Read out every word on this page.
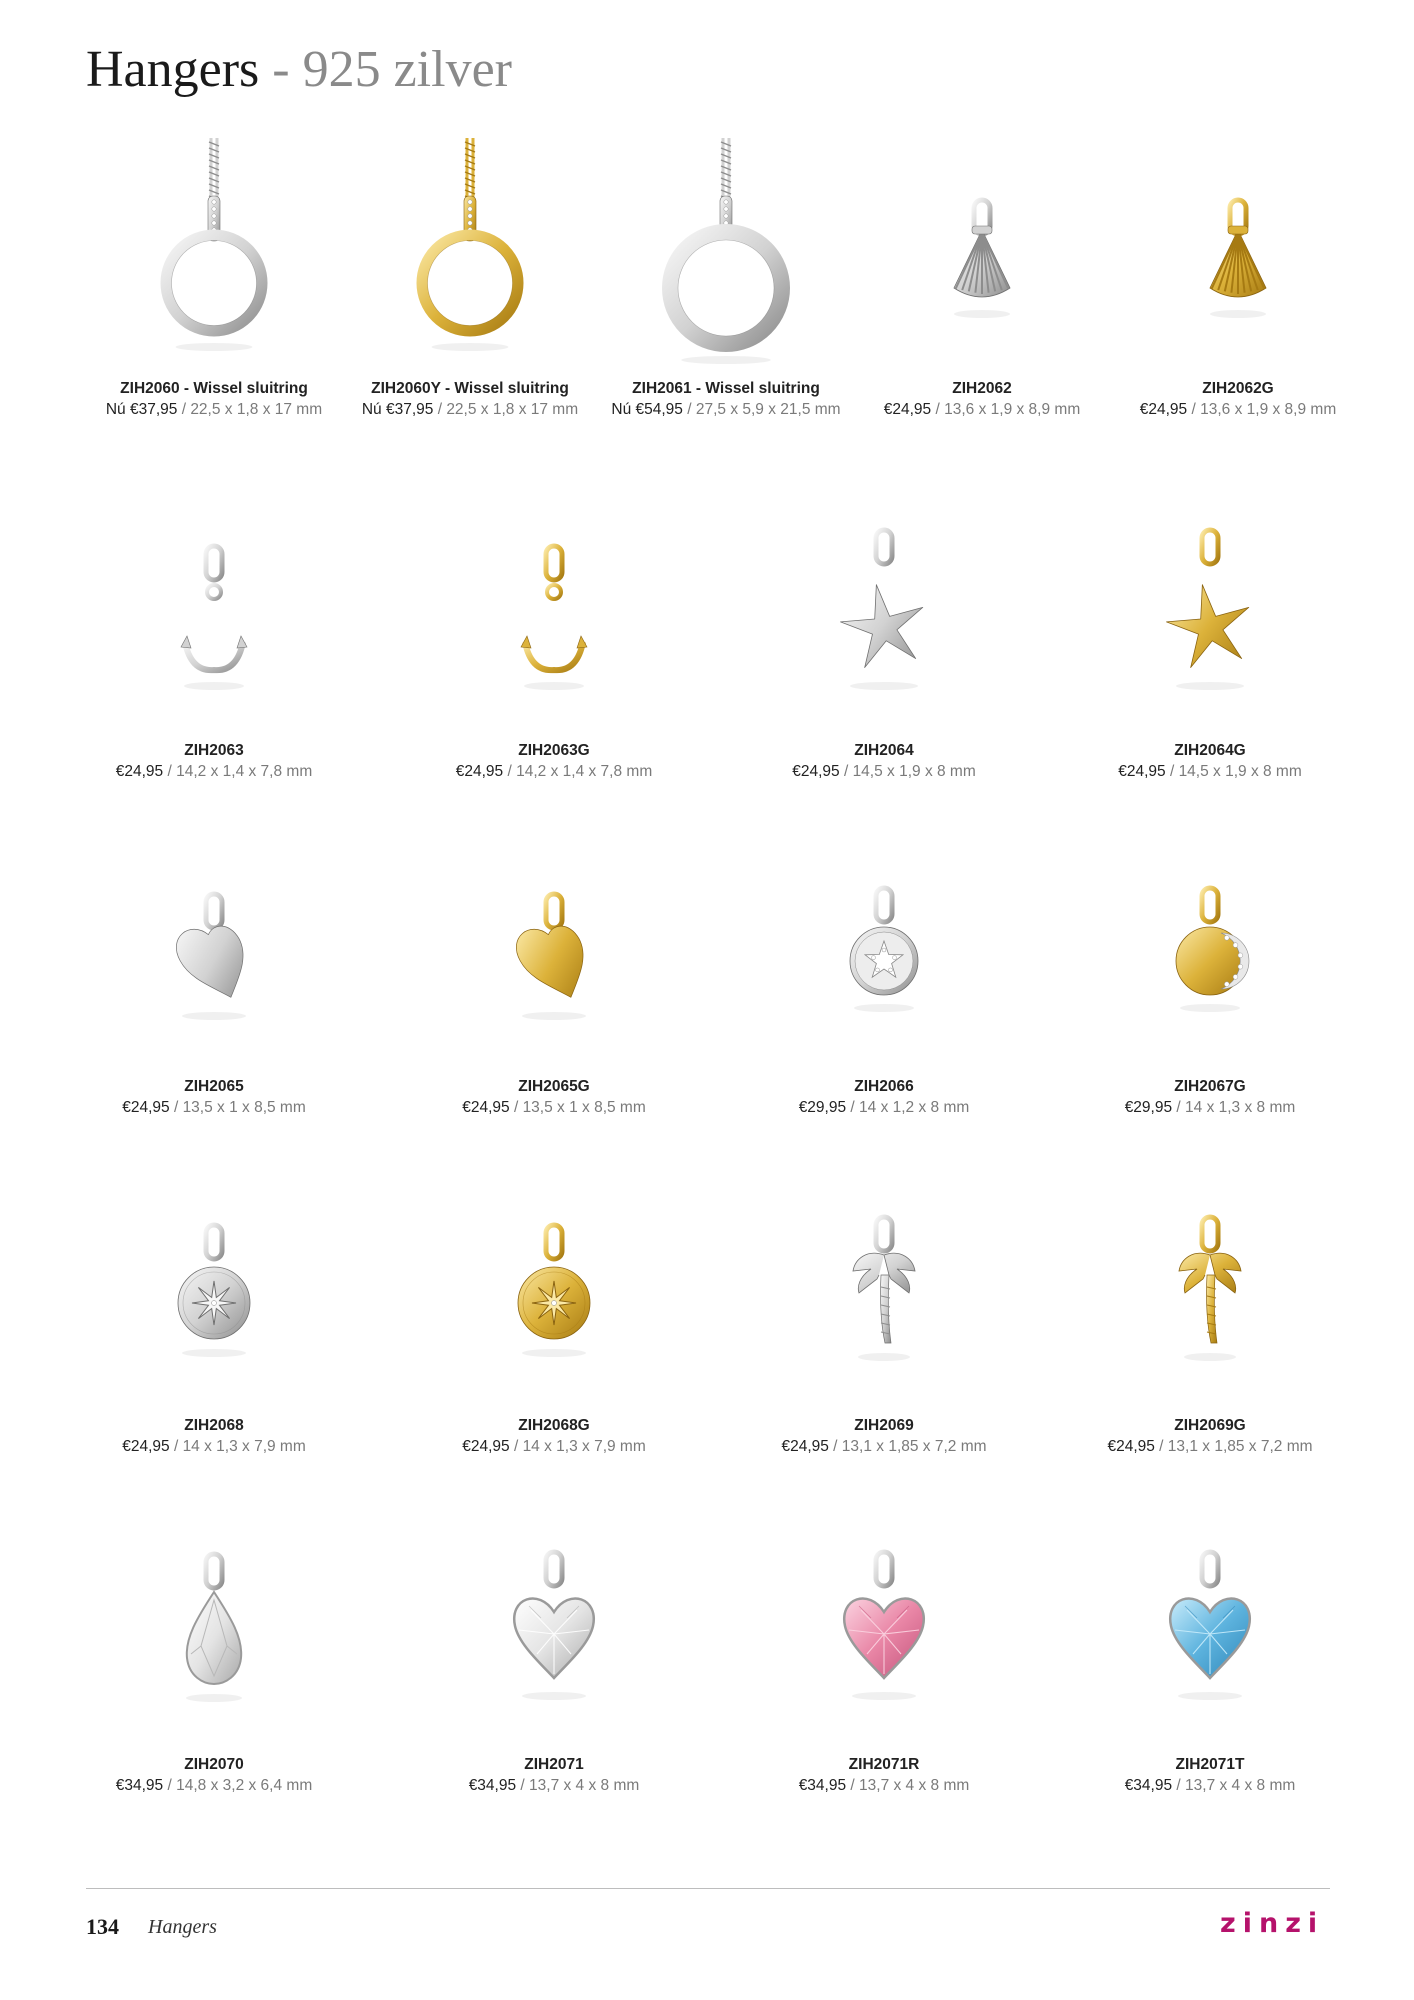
Hangers - 925 zilver
ZIH2060 - Wissel sluitring
Nú €37,95 / 22,5 x 1,8 x 17 mm
ZIH2060Y - Wissel sluitring
Nú €37,95 / 22,5 x 1,8 x 17 mm
ZIH2061 - Wissel sluitring
Nú €54,95 / 27,5 x 5,9 x 21,5 mm
ZIH2062
€24,95 / 13,6 x 1,9 x 8,9 mm
ZIH2062G
€24,95 / 13,6 x 1,9 x 8,9 mm
ZIH2063
€24,95 / 14,2 x 1,4 x 7,8 mm
ZIH2063G
€24,95 / 14,2 x 1,4 x 7,8 mm
ZIH2064
€24,95 / 14,5 x 1,9 x 8 mm
ZIH2064G
€24,95 / 14,5 x 1,9 x 8 mm
ZIH2065
€24,95 / 13,5 x 1 x 8,5 mm
ZIH2065G
€24,95 / 13,5 x 1 x 8,5 mm
ZIH2066
€29,95 / 14 x 1,2 x 8 mm
ZIH2067G
€29,95 / 14 x 1,3 x 8 mm
ZIH2068
€24,95 / 14 x 1,3 x 7,9 mm
ZIH2068G
€24,95 / 14 x 1,3 x 7,9 mm
ZIH2069
€24,95 / 13,1 x 1,85 x 7,2 mm
ZIH2069G
€24,95 / 13,1 x 1,85 x 7,2 mm
ZIH2070
€34,95 / 14,8 x 3,2 x 6,4 mm
ZIH2071
€34,95 / 13,7 x 4 x 8 mm
ZIH2071R
€34,95 / 13,7 x 4 x 8 mm
ZIH2071T
€34,95 / 13,7 x 4 x 8 mm
134 Hangers	zinzi
